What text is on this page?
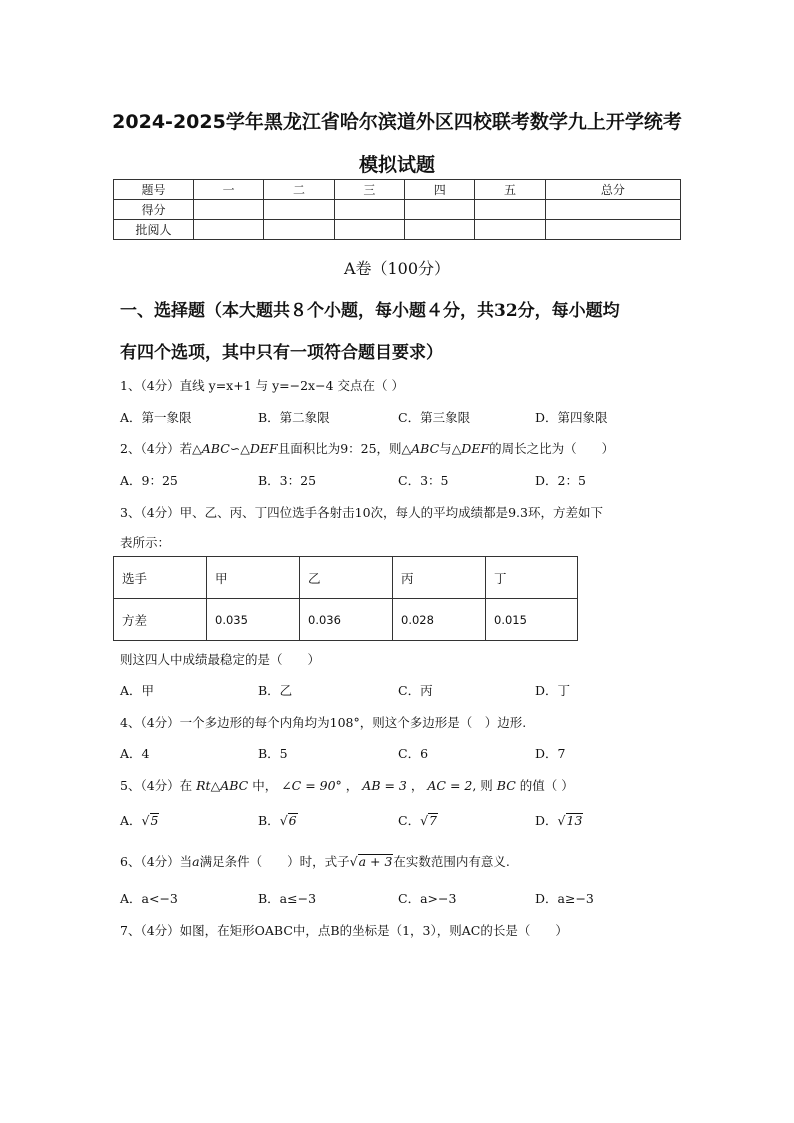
2024-2025学年黑龙江省哈尔滨道外区四校联考数学九上开学统考
模拟试题
题号	一	二	三	四	五	总分
得分						
批阅人						
A卷（100分）
一、选择题（本大题共８个小题，每小题４分，共32分，每小题均
有四个选项，其中只有一项符合题目要求）
1、（4分）直线 y=x+1 与 y=−2x−4 交点在（ ）
A．第一象限	B．第二象限	C．第三象限	D．第四象限
2、（4分）若△ABC∽△DEF且面积比为9：25，则△ABC与△DEF的周长之比为（　　）
A．9：25	B．3：25	C．3：5	D．2：5
3、（4分）甲、乙、丙、丁四位选手各射击10次，每人的平均成绩都是9.3环，方差如下
表所示：
选手	甲	乙	丙	丁
方差	0.035	0.036	0.028	0.015
则这四人中成绩最稳定的是（　　）
A．甲	B．乙	C．丙	D．丁
4、（4分）一个多边形的每个内角均为108°，则这个多边形是（　）边形.
A．4	B．5	C．6	D．7
5、（4分）在 Rt△ABC 中， ∠C = 90° ， AB = 3 ， AC = 2, 则 BC 的值（ ）
A．√5	B．√6	C．√7	D．√13
6、（4分）当a满足条件（　　）时，式子√a + 3在实数范围内有意义.
A．a<−3	B．a≤−3	C．a>−3	D．a≥−3
7、（4分）如图，在矩形OABC中，点B的坐标是（1，3），则AC的长是（　　）
